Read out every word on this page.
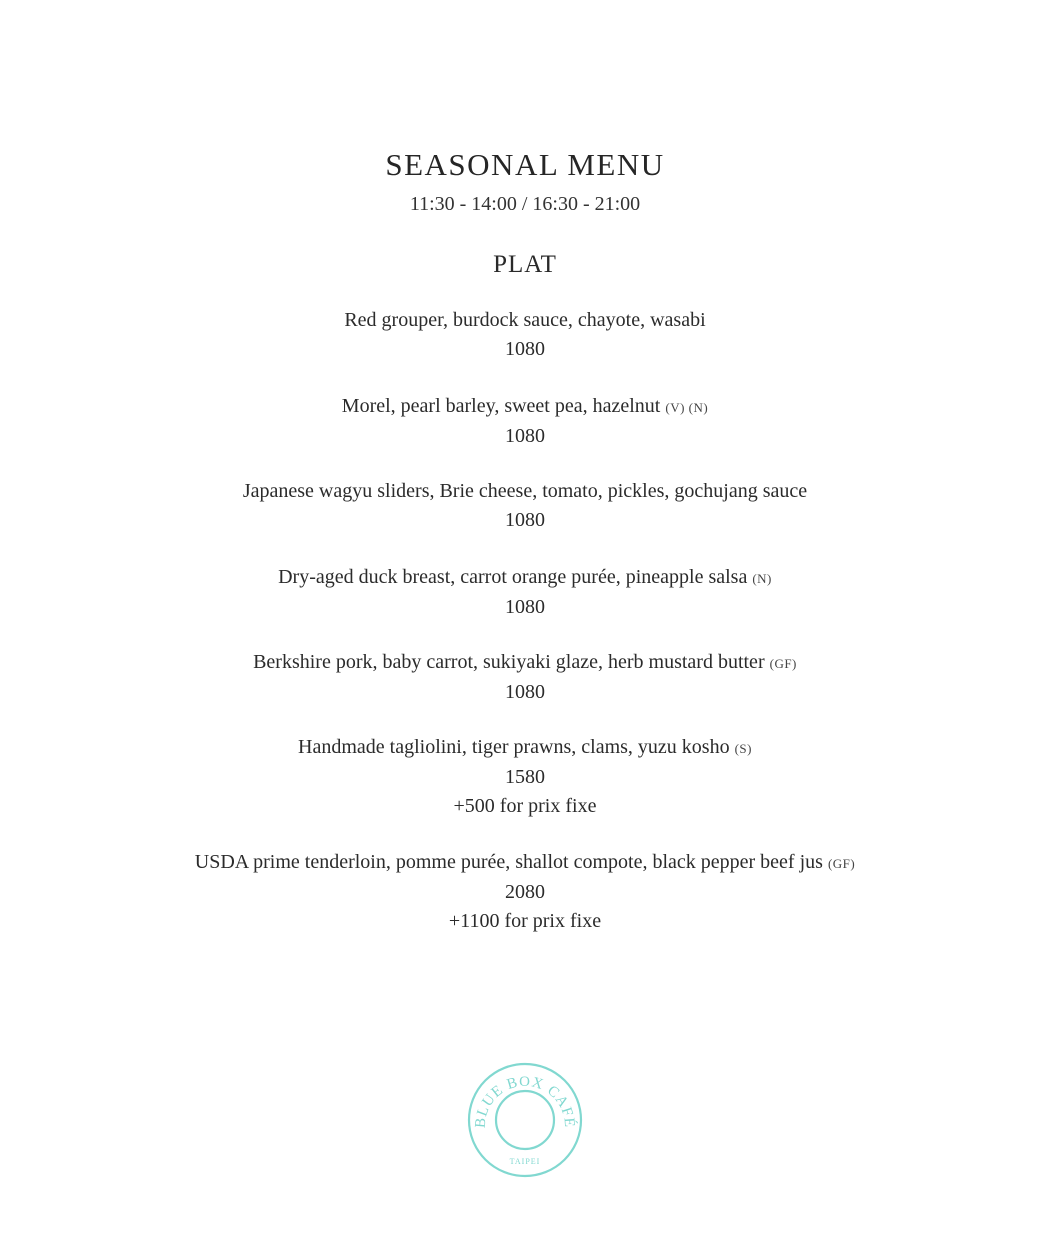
SEASONAL MENU
11:30 - 14:00 / 16:30 - 21:00
PLAT
Red grouper, burdock sauce, chayote, wasabi
1080
Morel, pearl barley, sweet pea, hazelnut (V) (N)
1080
Japanese wagyu sliders, Brie cheese, tomato, pickles, gochujang sauce
1080
Dry-aged duck breast, carrot orange purée, pineapple salsa (N)
1080
Berkshire pork, baby carrot, sukiyaki glaze, herb mustard butter (GF)
1080
Handmade tagliolini, tiger prawns, clams, yuzu kosho (S)
1580
+500 for prix fixe
USDA prime tenderloin, pomme purée, shallot compote, black pepper beef jus (GF)
2080
+1100 for prix fixe
BLUE BOX CAFÉ
TAIPEI
